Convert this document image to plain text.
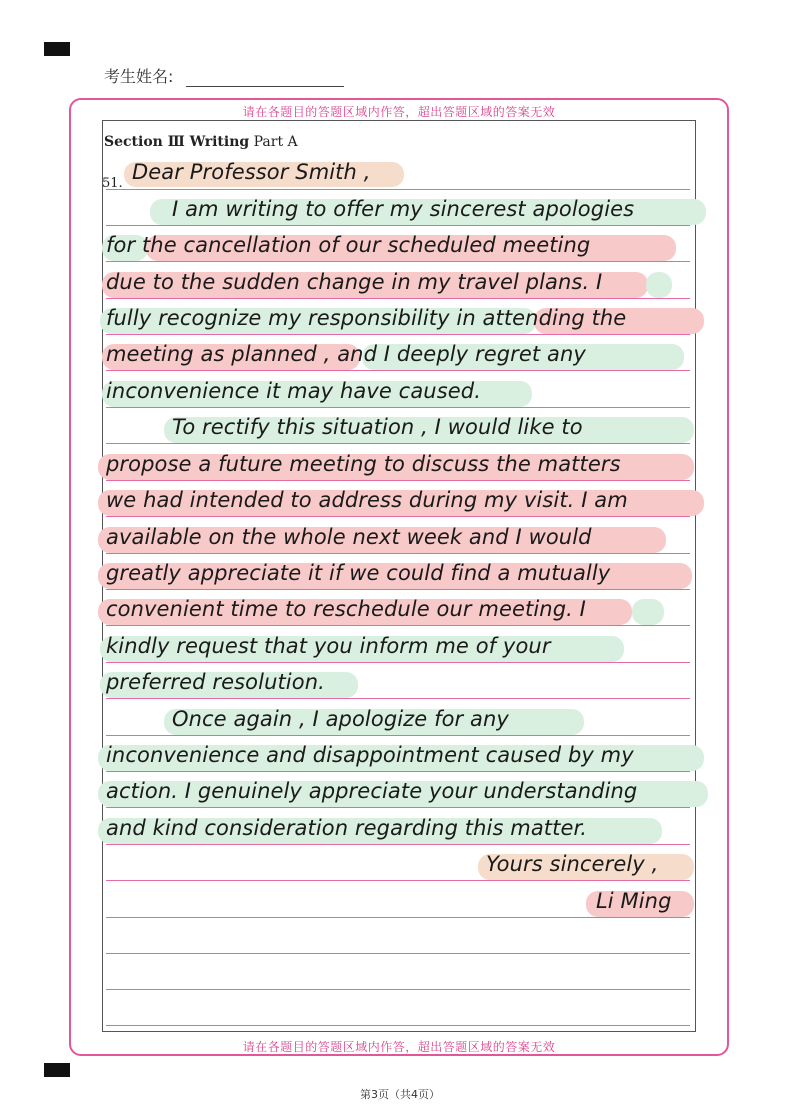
考生姓名:
请在各题目的答题区域内作答，超出答题区域的答案无效
请在各题目的答题区域内作答，超出答题区域的答案无效
Section Ⅲ Writing Part A
51. Dear Professor Smith ,
I am writing to offer my sincerest apologies
for the cancellation of our scheduled meeting
due to the sudden change in my travel plans. I
fully recognize my responsibility in attending the
meeting as planned , and I deeply regret any
inconvenience it may have caused.
To rectify this situation , I would like to
propose a future meeting to discuss the matters
we had intended to address during my visit. I am
available on the whole next week and I would
greatly appreciate it if we could find a mutually
convenient time to reschedule our meeting. I
kindly request that you inform me of your
preferred resolution.
Once again , I apologize for any
inconvenience and disappointment caused by my
action. I genuinely appreciate your understanding
and kind consideration regarding this matter.
Yours sincerely ,
Li Ming
第3页（共4页）
